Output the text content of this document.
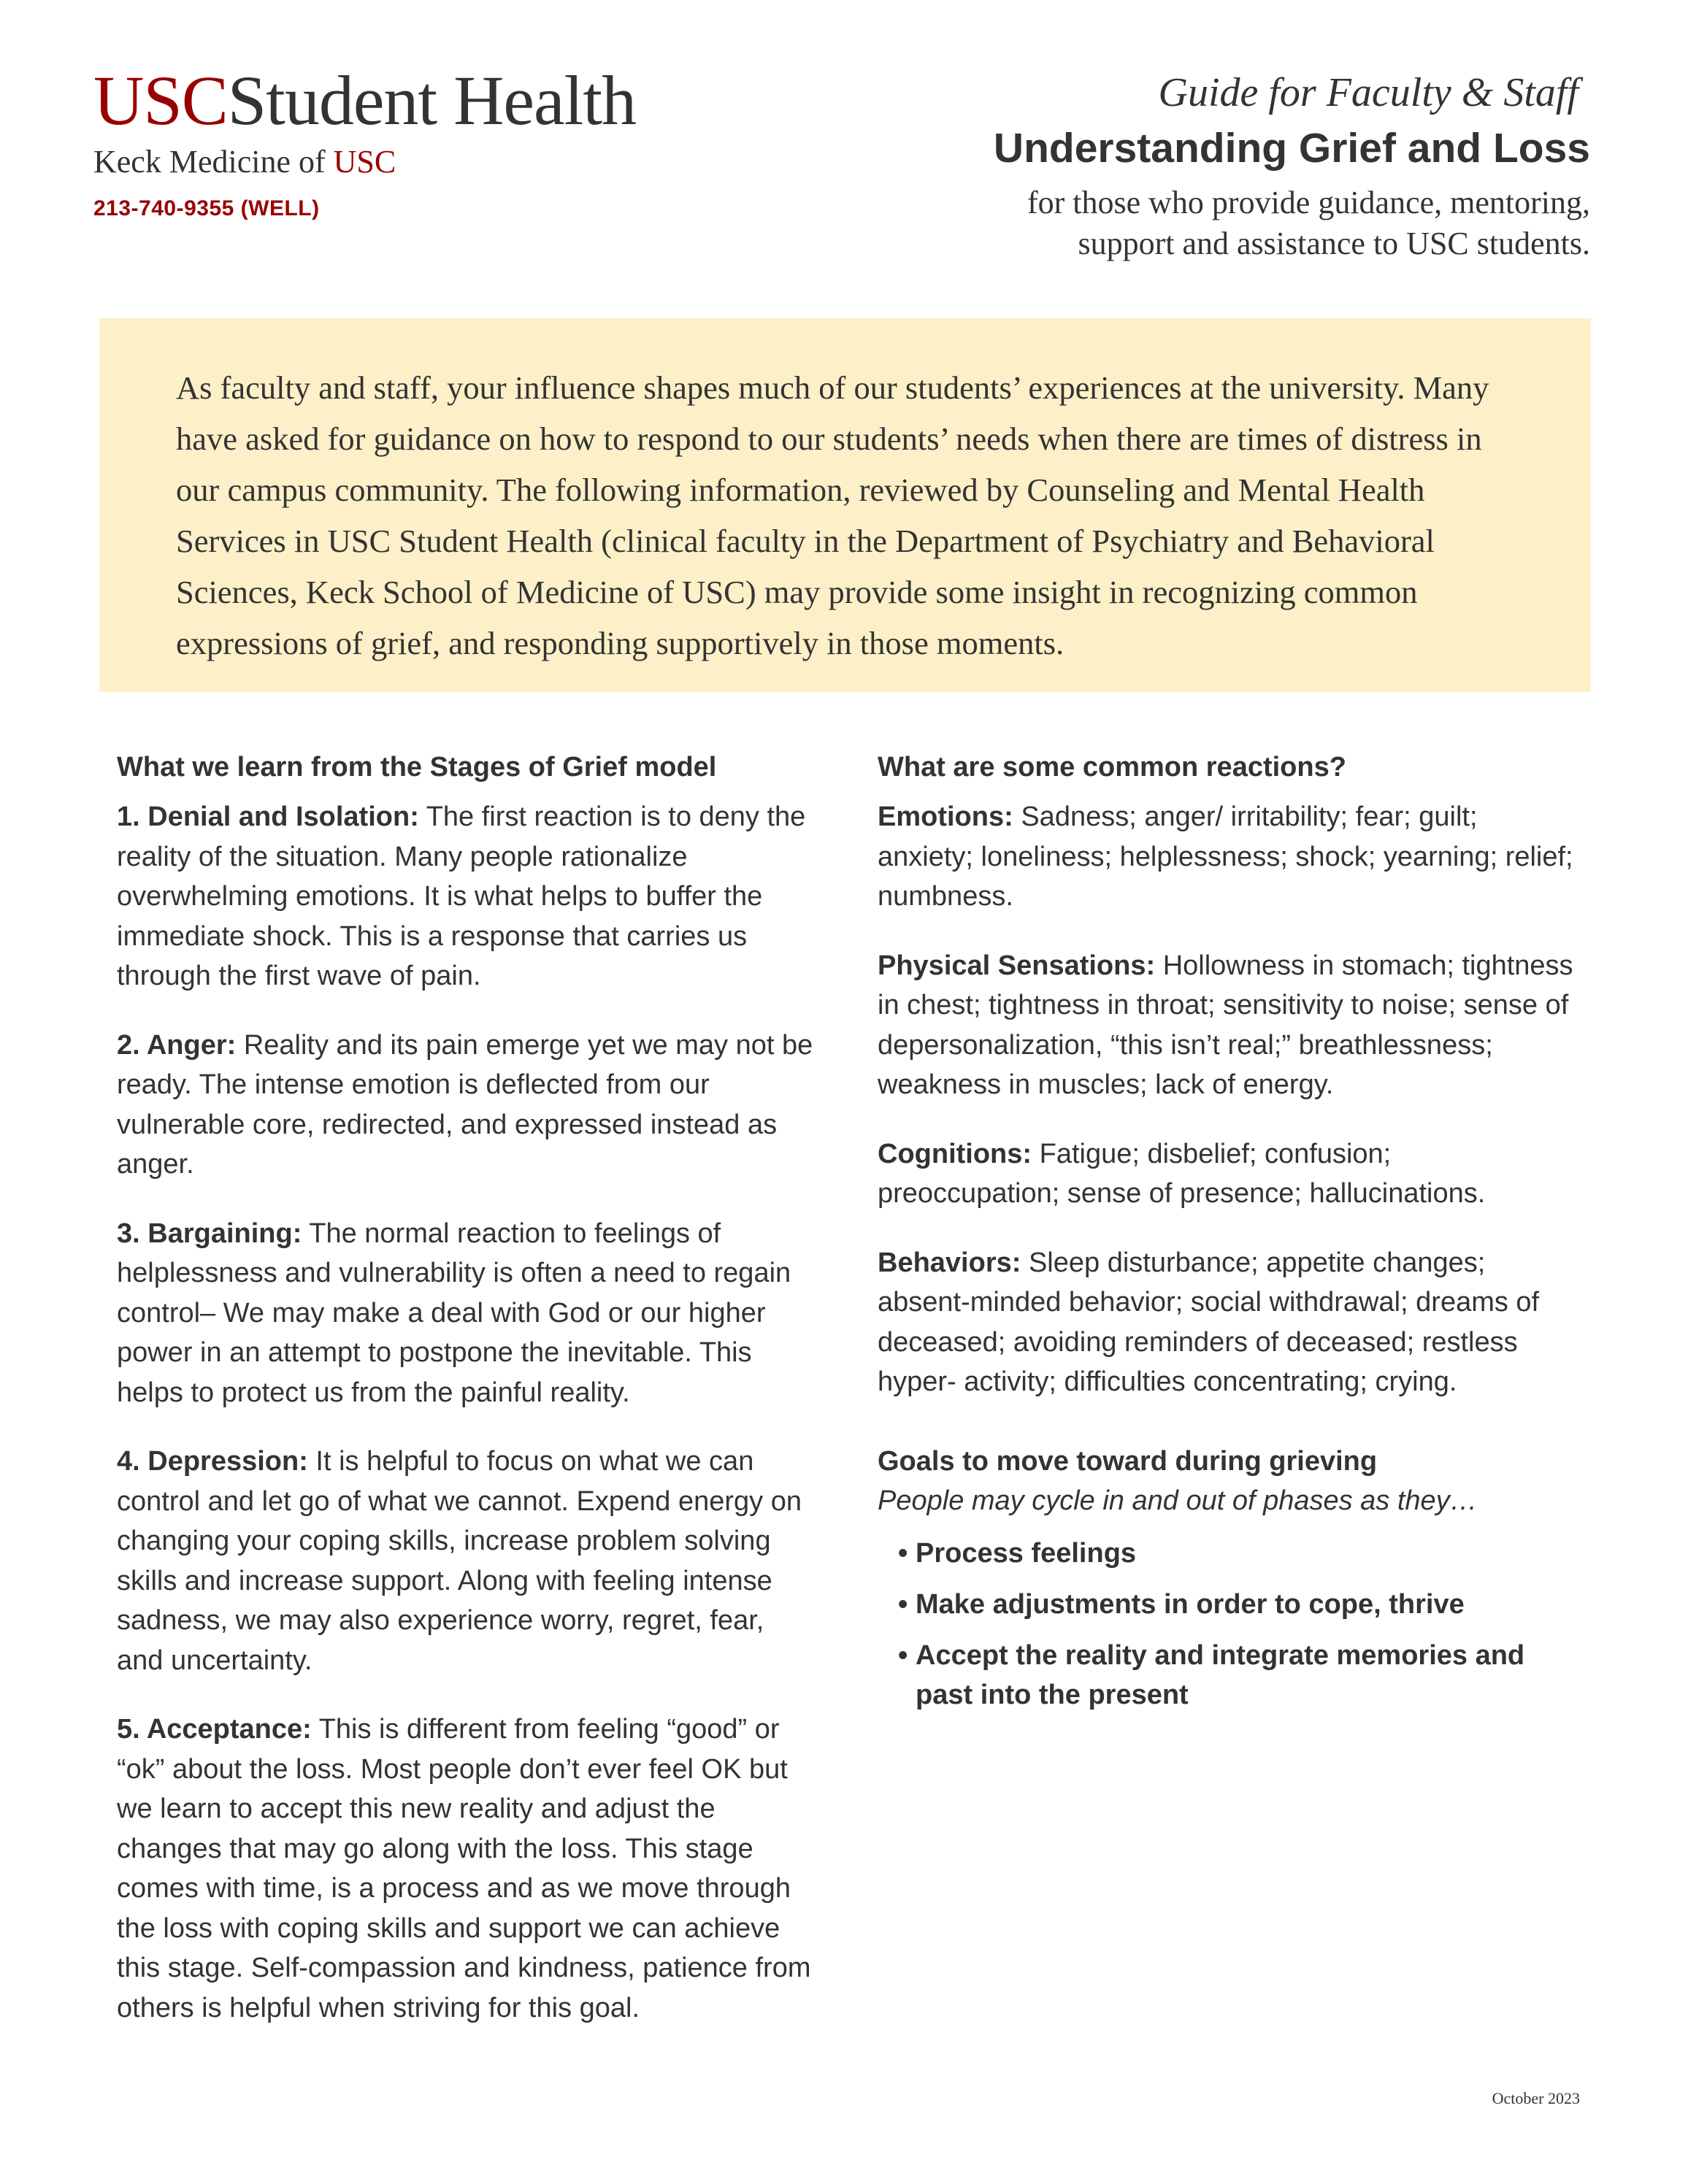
USCStudent Health
Keck Medicine of USC
213-740-9355 (WELL)
Guide for Faculty & Staff
Understanding Grief and Loss
for those who provide guidance, mentoring,
support and assistance to USC students.

As faculty and staff, your influence shapes much of our students’ experiences at the university. Many have asked for guidance on how to respond to our students’ needs when there are times of distress in our campus community. The following information, reviewed by Counseling and Mental Health Services in USC Student Health (clinical faculty in the Department of Psychiatry and Behavioral Sciences, Keck School of Medicine of USC) may provide some insight in recognizing common expressions of grief, and responding supportively in those moments.

What we learn from the Stages of Grief model

1. Denial and Isolation: The first reaction is to deny the reality of the situation. Many people rationalize overwhelming emotions. It is what helps to buffer the immediate shock. This is a response that carries us through the first wave of pain.

2. Anger: Reality and its pain emerge yet we may not be ready. The intense emotion is deflected from our vulnerable core, redirected, and expressed instead as anger.

3. Bargaining: The normal reaction to feelings of helplessness and vulnerability is often a need to regain control– We may make a deal with God or our higher power in an attempt to postpone the inevitable. This helps to protect us from the painful reality.

4. Depression: It is helpful to focus on what we can control and let go of what we cannot. Expend energy on changing your coping skills, increase problem solving skills and increase support. Along with feeling intense sadness, we may also experience worry, regret, fear, and uncertainty.

5. Acceptance: This is different from feeling “good” or “ok” about the loss. Most people don’t ever feel OK but we learn to accept this new reality and adjust the changes that may go along with the loss. This stage comes with time, is a process and as we move through the loss with coping skills and support we can achieve this stage. Self-compassion and kindness, patience from others is helpful when striving for this goal.

What are some common reactions?

Emotions: Sadness; anger/ irritability; fear; guilt; anxiety; loneliness; helplessness; shock; yearning; relief; numbness.

Physical Sensations: Hollowness in stomach; tightness in chest; tightness in throat; sensitivity to noise; sense of depersonalization, “this isn’t real;” breathlessness; weakness in muscles; lack of energy.

Cognitions: Fatigue; disbelief; confusion; preoccupation; sense of presence; hallucinations.

Behaviors: Sleep disturbance; appetite changes; absent-minded behavior; social withdrawal; dreams of deceased; avoiding reminders of deceased; restless hyper- activity; difficulties concentrating; crying.

Goals to move toward during grieving
People may cycle in and out of phases as they…
• Process feelings
• Make adjustments in order to cope, thrive
• Accept the reality and integrate memories and past into the present
October 2023
